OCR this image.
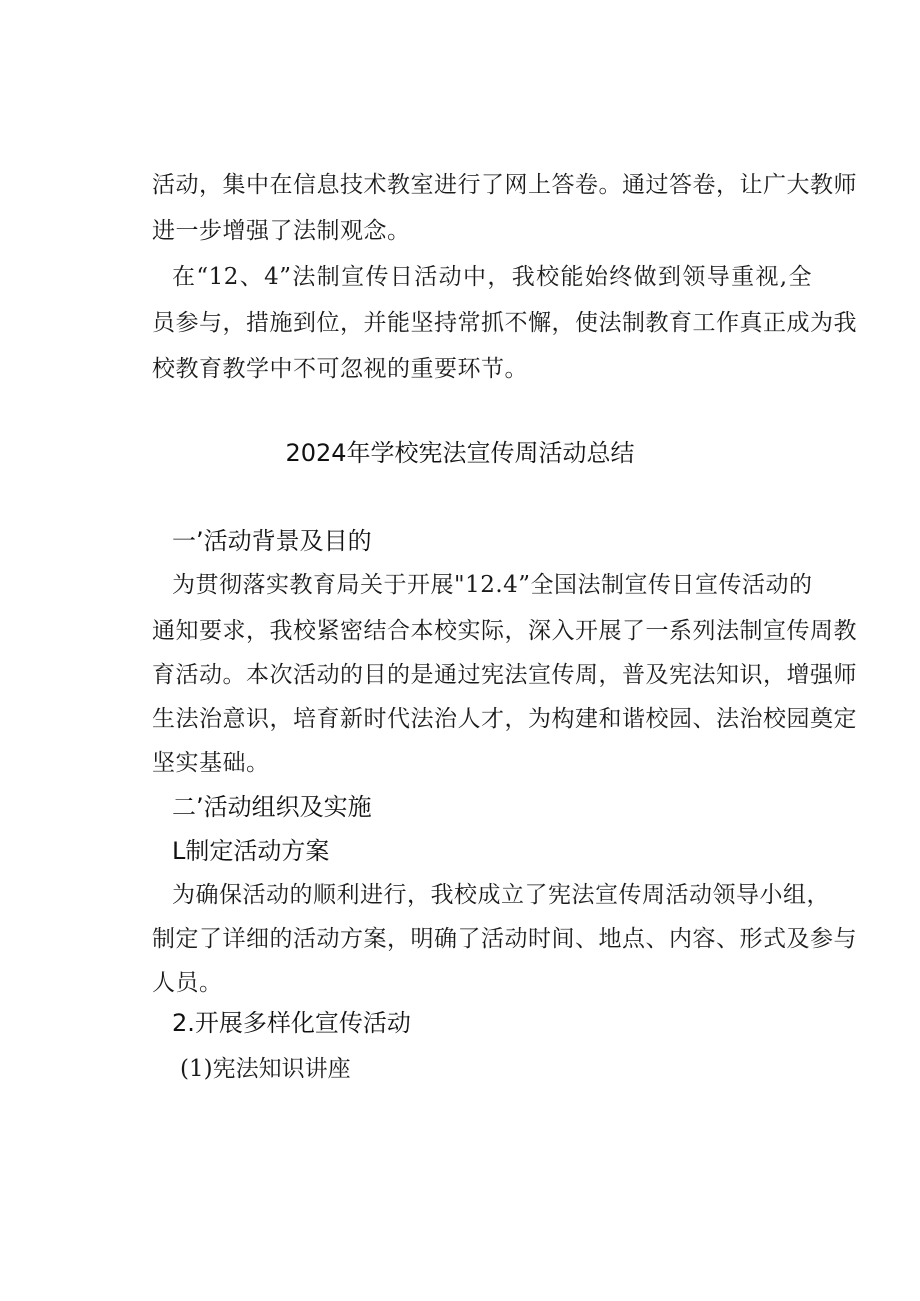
活动，集中在信息技术教室进行了网上答卷。通过答卷，让广大教师
进一步增强了法制观念。
在“12、4”法制宣传日活动中，我校能始终做到领导重视,全
员参与，措施到位，并能坚持常抓不懈，使法制教育工作真正成为我
校教育教学中不可忽视的重要环节。
2024年学校宪法宣传周活动总结
一’活动背景及目的
为贯彻落实教育局关于开展"12.4”全国法制宣传日宣传活动的
通知要求，我校紧密结合本校实际，深入开展了一系列法制宣传周教
育活动。本次活动的目的是通过宪法宣传周，普及宪法知识，增强师
生法治意识，培育新时代法治人才，为构建和谐校园、法治校园奠定
坚实基础。
二’活动组织及实施
L制定活动方案
为确保活动的顺利进行，我校成立了宪法宣传周活动领导小组，
制定了详细的活动方案，明确了活动时间、地点、内容、形式及参与
人员。
2.开展多样化宣传活动
(1)宪法知识讲座
